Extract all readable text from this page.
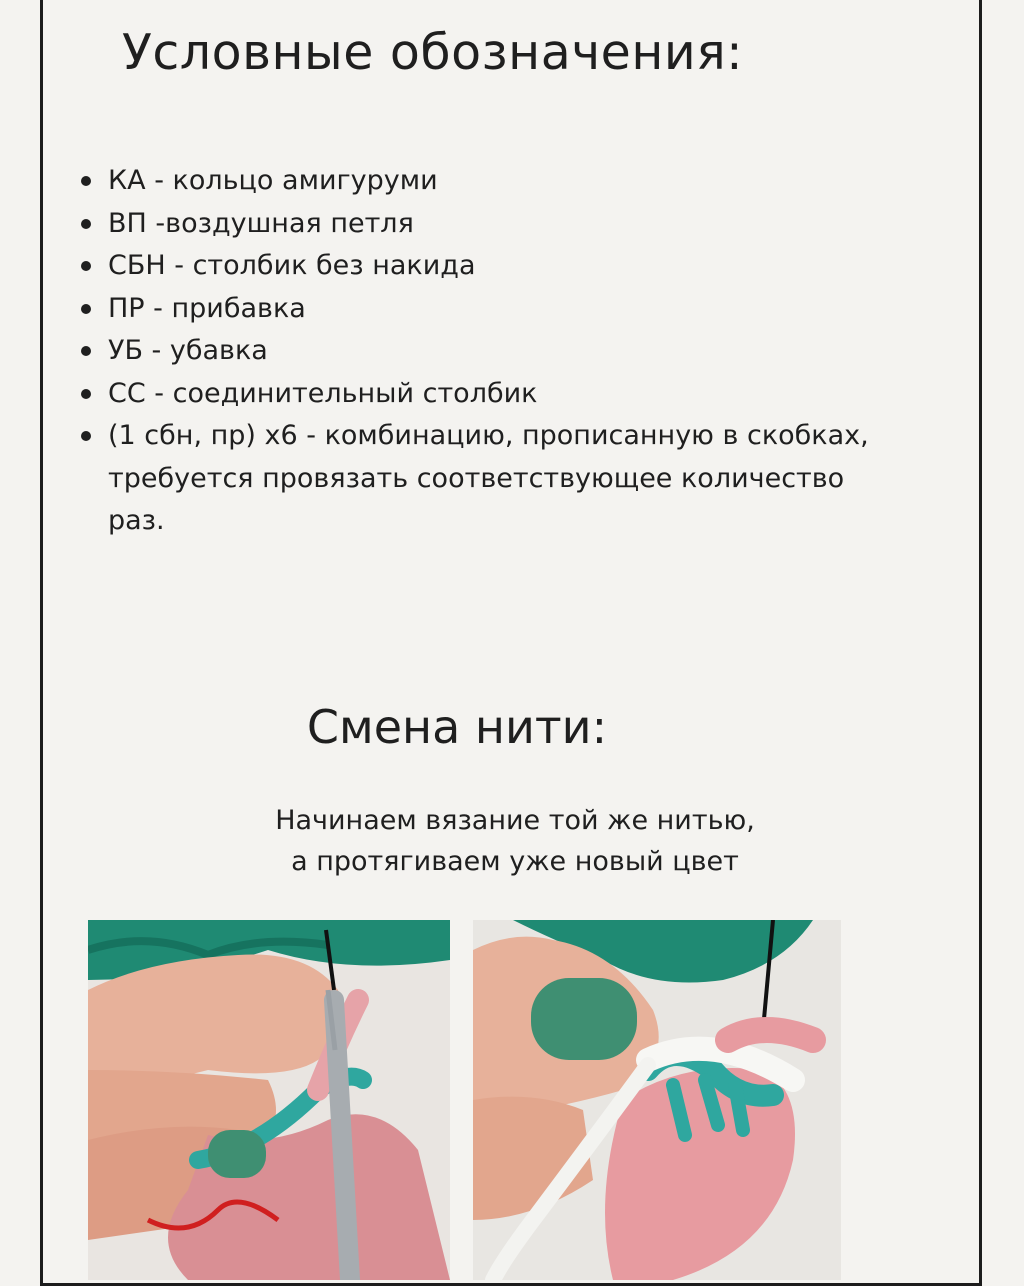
Условные обозначения:
КА - кольцо амигуруми
ВП -воздушная петля
СБН - столбик без накида
ПР - прибавка
УБ - убавка
СС - соединительный столбик
(1 сбн, пр) х6 - комбинацию, прописанную в скобках, требуется провязать соответствующее количество раз.
Смена нити:

Начинаем вязание той же нитью,
а протягиваем уже новый цвет
